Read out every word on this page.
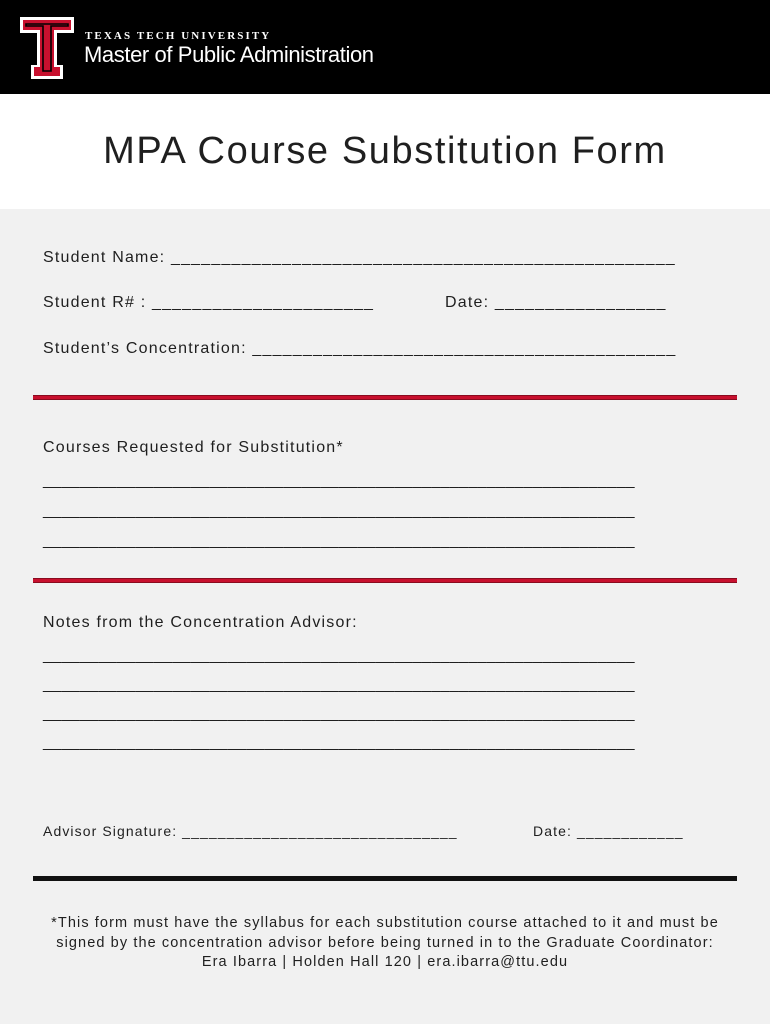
TEXAS TECH UNIVERSITY
Master of Public Administration
MPA Course Substitution Form
Student Name: __________________________________________________
Student R# : ______________________	Date: _________________
Student’s Concentration: __________________________________________
Courses Requested for Substitution*
________________________________________________________________
________________________________________________________________
________________________________________________________________
Notes from the Concentration Advisor:
________________________________________________________________
________________________________________________________________
________________________________________________________________
________________________________________________________________
Advisor Signature: _______________________________	Date: ____________
*This form must have the syllabus for each substitution course attached to it and must be
signed by the concentration advisor before being turned in to the Graduate Coordinator:
Era Ibarra | Holden Hall 120 | era.ibarra@ttu.edu
